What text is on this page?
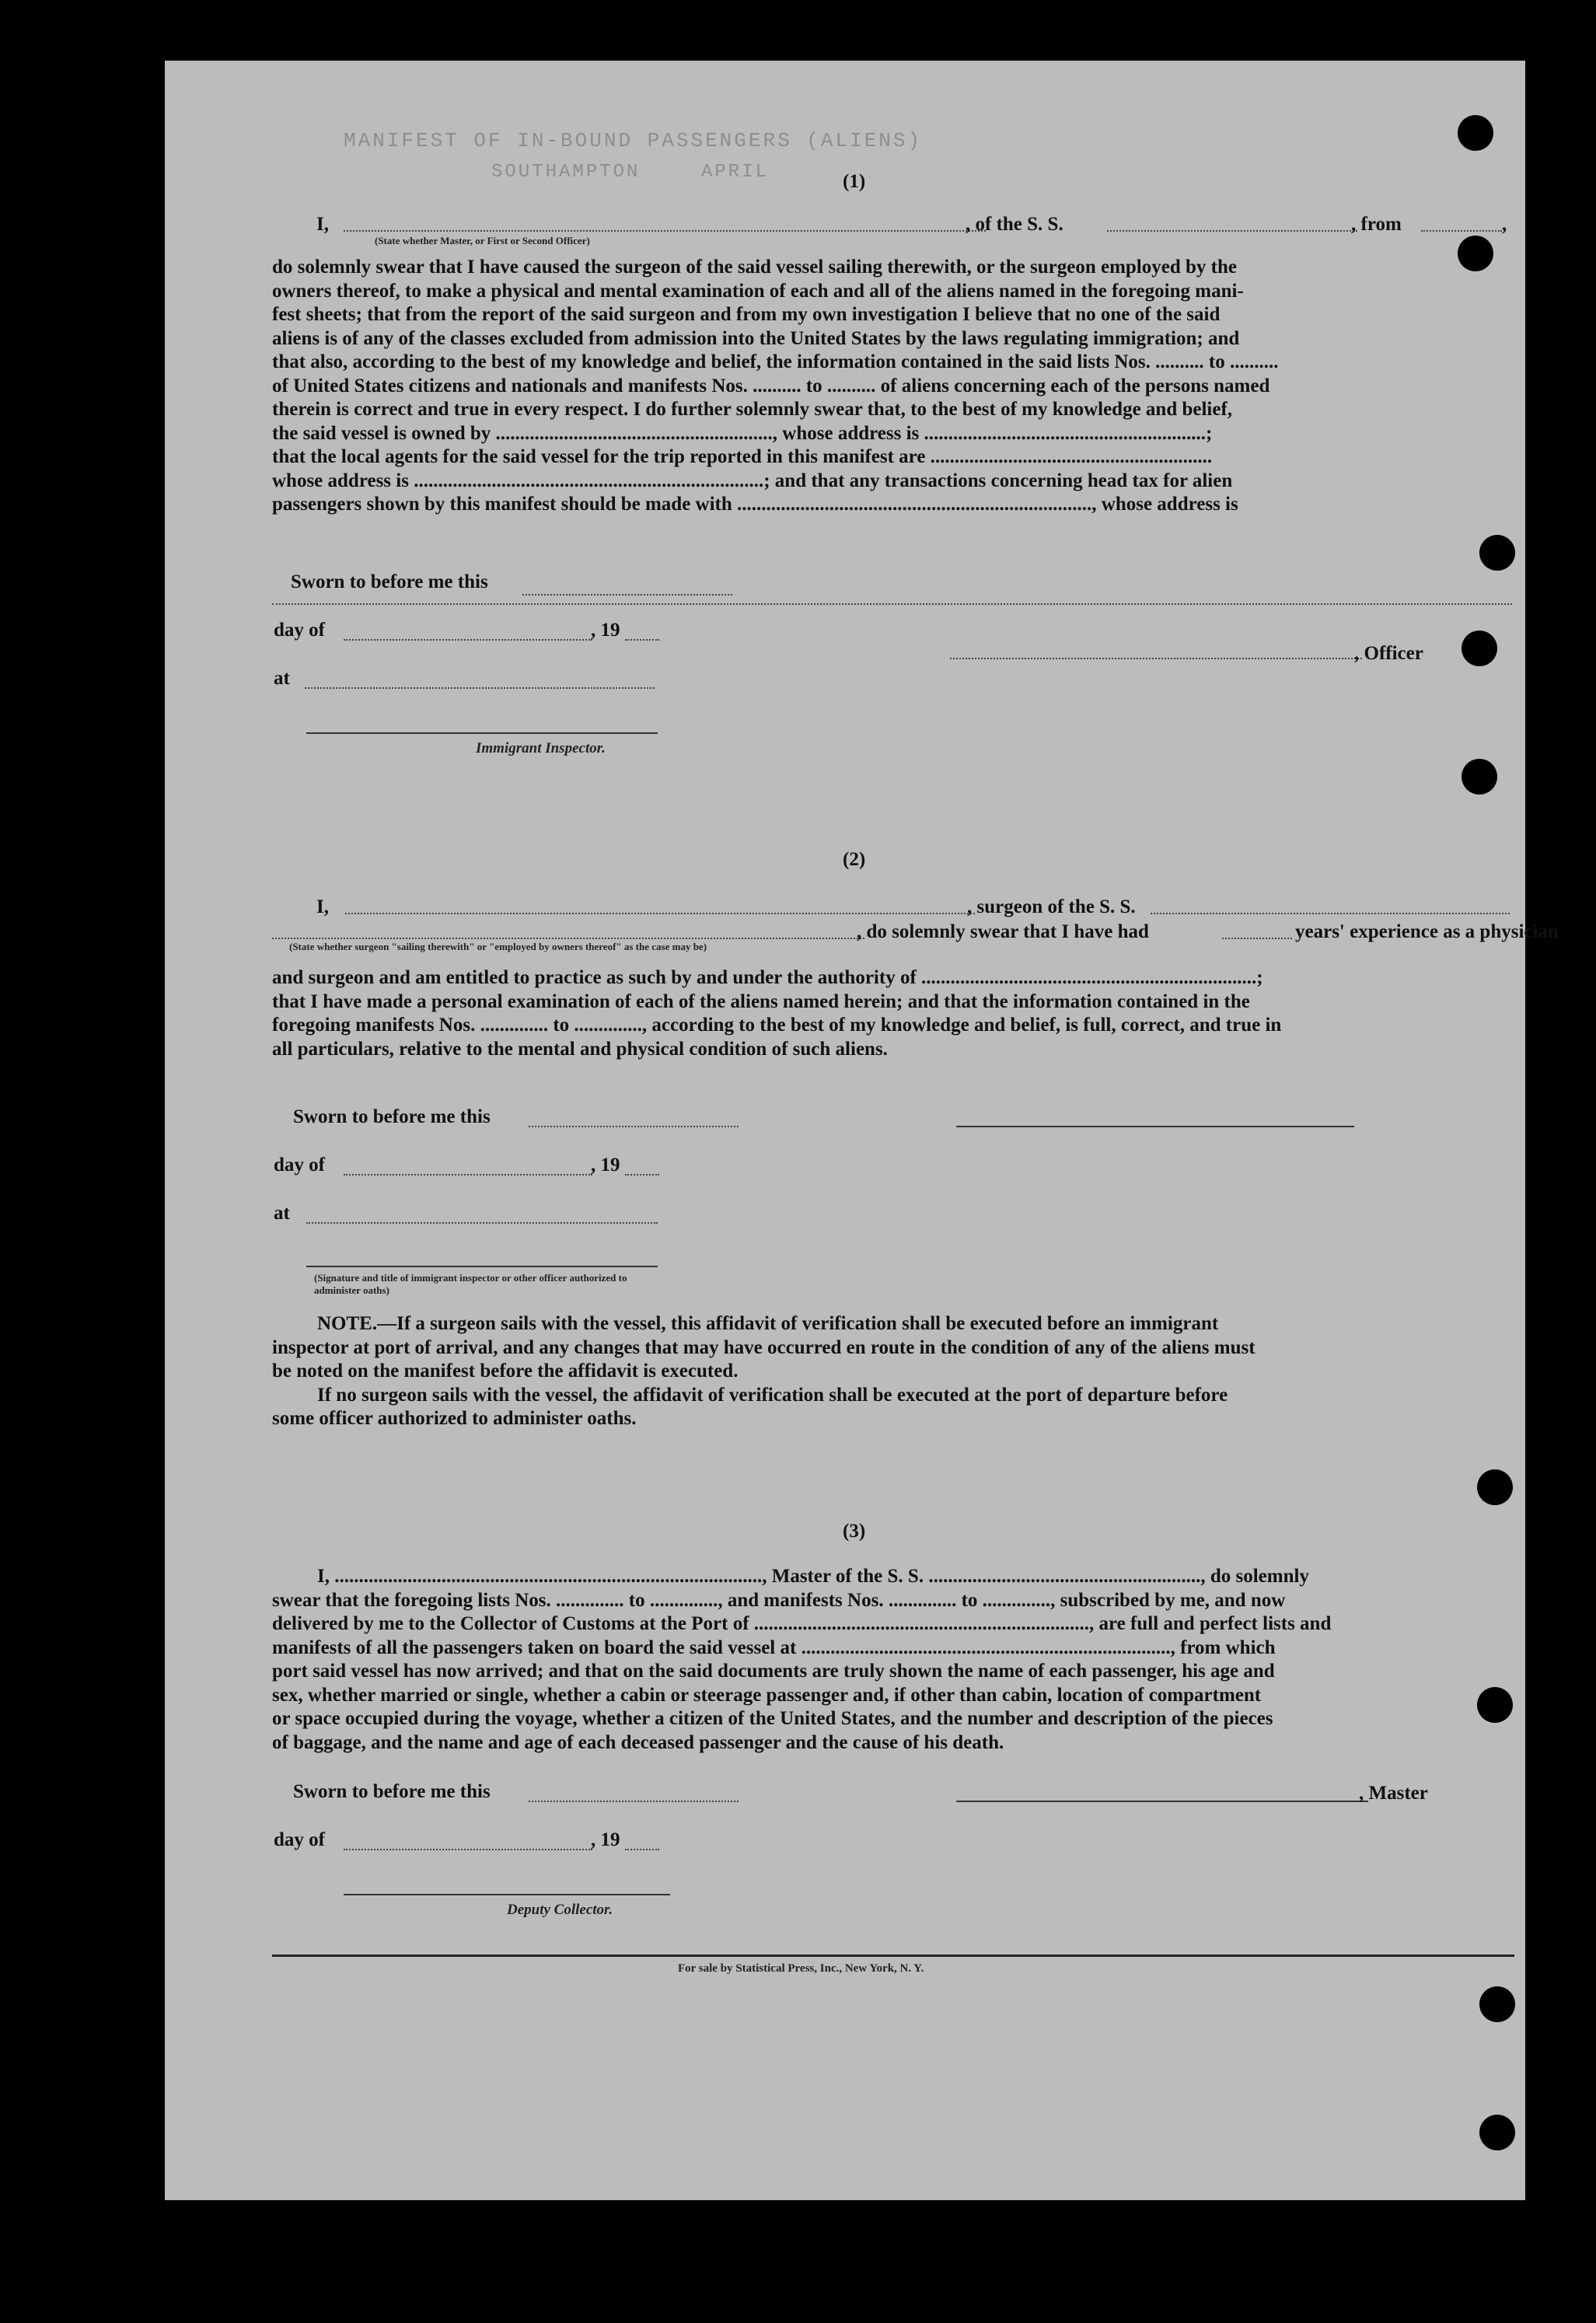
MANIFEST OF IN-BOUND PASSENGERS (ALIENS)
SOUTHAMPTON	APRIL	(1)
I,	, of the S. S.	, from	,
(State whether Master, or First or Second Officer)
do solemnly swear that I have caused the surgeon of the said vessel sailing therewith, or the surgeon employed by the
owners thereof, to make a physical and mental examination of each and all of the aliens named in the foregoing mani-
fest sheets; that from the report of the said surgeon and from my own investigation I believe that no one of the said
aliens is of any of the classes excluded from admission into the United States by the laws regulating immigration; and
that also, according to the best of my knowledge and belief, the information contained in the said lists Nos. .......... to ..........
of United States citizens and nationals and manifests Nos. .......... to .......... of aliens concerning each of the persons named
therein is correct and true in every respect. I do further solemnly swear that, to the best of my knowledge and belief,
the said vessel is owned by ........................................................., whose address is ..........................................................;
that the local agents for the said vessel for the trip reported in this manifest are ..........................................................
whose address is ........................................................................; and that any transactions concerning head tax for alien
passengers shown by this manifest should be made with ........................................................................., whose address is
Sworn to before me this
day of	, 19
, Officer
at
Immigrant Inspector.
(2)
I,	, surgeon of the S. S.
, do solemnly swear that I have had	years' experience as a physician
(State whether surgeon "sailing therewith" or "employed by owners thereof" as the case may be)
and surgeon and am entitled to practice as such by and under the authority of .....................................................................;
that I have made a personal examination of each of the aliens named herein; and that the information contained in the
foregoing manifests Nos. .............. to .............., according to the best of my knowledge and belief, is full, correct, and true in
all particulars, relative to the mental and physical condition of such aliens.
Sworn to before me this
day of	, 19
at
(Signature and title of immigrant inspector or other officer authorized to administer oaths)
NOTE.—If a surgeon sails with the vessel, this affidavit of verification shall be executed before an immigrant
inspector at port of arrival, and any changes that may have occurred en route in the condition of any of the aliens must
be noted on the manifest before the affidavit is executed.
If no surgeon sails with the vessel, the affidavit of verification shall be executed at the port of departure before
some officer authorized to administer oaths.
(3)
I, ........................................................................................, Master of the S. S. ........................................................, do solemnly
swear that the foregoing lists Nos. .............. to .............., and manifests Nos. .............. to .............., subscribed by me, and now
delivered by me to the Collector of Customs at the Port of ....................................................................., are full and perfect lists and
manifests of all the passengers taken on board the said vessel at ............................................................................, from which
port said vessel has now arrived; and that on the said documents are truly shown the name of each passenger, his age and
sex, whether married or single, whether a cabin or steerage passenger and, if other than cabin, location of compartment
or space occupied during the voyage, whether a citizen of the United States, and the number and description of the pieces
of baggage, and the name and age of each deceased passenger and the cause of his death.
Sworn to before me this	, Master
day of	, 19
Deputy Collector.
For sale by Statistical Press, Inc., New York, N. Y.
